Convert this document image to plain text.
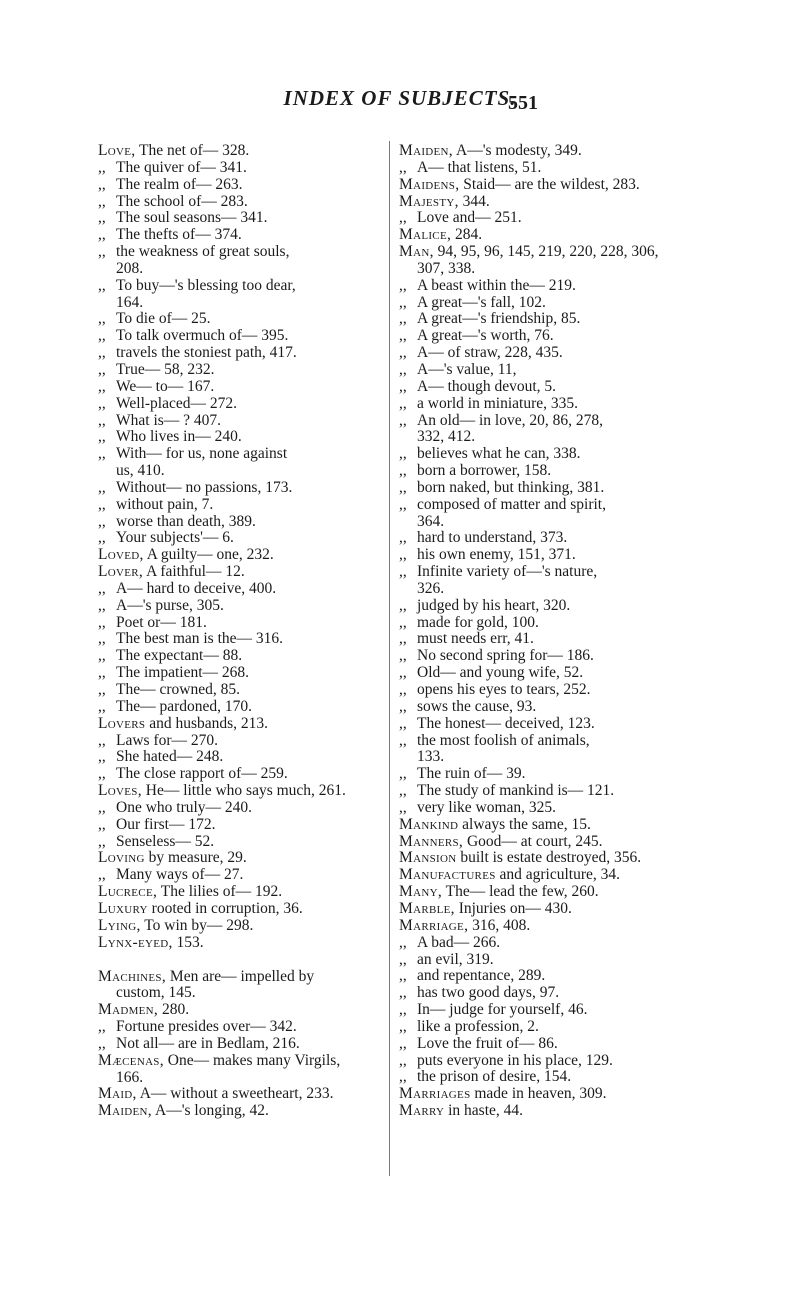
INDEX OF SUBJECTS.
551
Love, The net of— 328.
,, The quiver of— 341.
,, The realm of— 263.
,, The school of— 283.
,, The soul seasons— 341.
,, The thefts of— 374.
,, the weakness of great souls,
208.
,, To buy—'s blessing too dear,
164.
,, To die of— 25.
,, To talk overmuch of— 395.
,, travels the stoniest path, 417.
,, True— 58, 232.
,, We— to— 167.
,, Well-placed— 272.
,, What is— ? 407.
,, Who lives in— 240.
,, With— for us, none against
us, 410.
,, Without— no passions, 173.
,, without pain, 7.
,, worse than death, 389.
,, Your subjects'— 6.
Loved, A guilty— one, 232.
Lover, A faithful— 12.
,, A— hard to deceive, 400.
,, A—'s purse, 305.
,, Poet or— 181.
,, The best man is the— 316.
,, The expectant— 88.
,, The impatient— 268.
,, The— crowned, 85.
,, The— pardoned, 170.
Lovers and husbands, 213.
,, Laws for— 270.
,, She hated— 248.
,, The close rapport of— 259.
Loves, He— little who says much, 261.
,, One who truly— 240.
,, Our first— 172.
,, Senseless— 52.
Loving by measure, 29.
,, Many ways of— 27.
Lucrece, The lilies of— 192.
Luxury rooted in corruption, 36.
Lying, To win by— 298.
Lynx-eyed, 153.
Machines, Men are— impelled by
custom, 145.
Madmen, 280.
,, Fortune presides over— 342.
,, Not all— are in Bedlam, 216.
Mæcenas, One— makes many Virgils,
166.
Maid, A— without a sweetheart, 233.
Maiden, A—'s longing, 42.
Maiden, A—'s modesty, 349.
,, A— that listens, 51.
Maidens, Staid— are the wildest, 283.
Majesty, 344.
,, Love and— 251.
Malice, 284.
Man, 94, 95, 96, 145, 219, 220, 228, 306,
307, 338.
,, A beast within the— 219.
,, A great—'s fall, 102.
,, A great—'s friendship, 85.
,, A great—'s worth, 76.
,, A— of straw, 228, 435.
,, A—'s value, 11,
,, A— though devout, 5.
,, a world in miniature, 335.
,, An old— in love, 20, 86, 278,
332, 412.
,, believes what he can, 338.
,, born a borrower, 158.
,, born naked, but thinking, 381.
,, composed of matter and spirit,
364.
,, hard to understand, 373.
,, his own enemy, 151, 371.
,, Infinite variety of—'s nature,
326.
,, judged by his heart, 320.
,, made for gold, 100.
,, must needs err, 41.
,, No second spring for— 186.
,, Old— and young wife, 52.
,, opens his eyes to tears, 252.
,, sows the cause, 93.
,, The honest— deceived, 123.
,, the most foolish of animals,
133.
,, The ruin of— 39.
,, The study of mankind is— 121.
,, very like woman, 325.
Mankind always the same, 15.
Manners, Good— at court, 245.
Mansion built is estate destroyed, 356.
Manufactures and agriculture, 34.
Many, The— lead the few, 260.
Marble, Injuries on— 430.
Marriage, 316, 408.
,, A bad— 266.
,, an evil, 319.
,, and repentance, 289.
,, has two good days, 97.
,, In— judge for yourself, 46.
,, like a profession, 2.
,, Love the fruit of— 86.
,, puts everyone in his place, 129.
,, the prison of desire, 154.
Marriages made in heaven, 309.
Marry in haste, 44.
